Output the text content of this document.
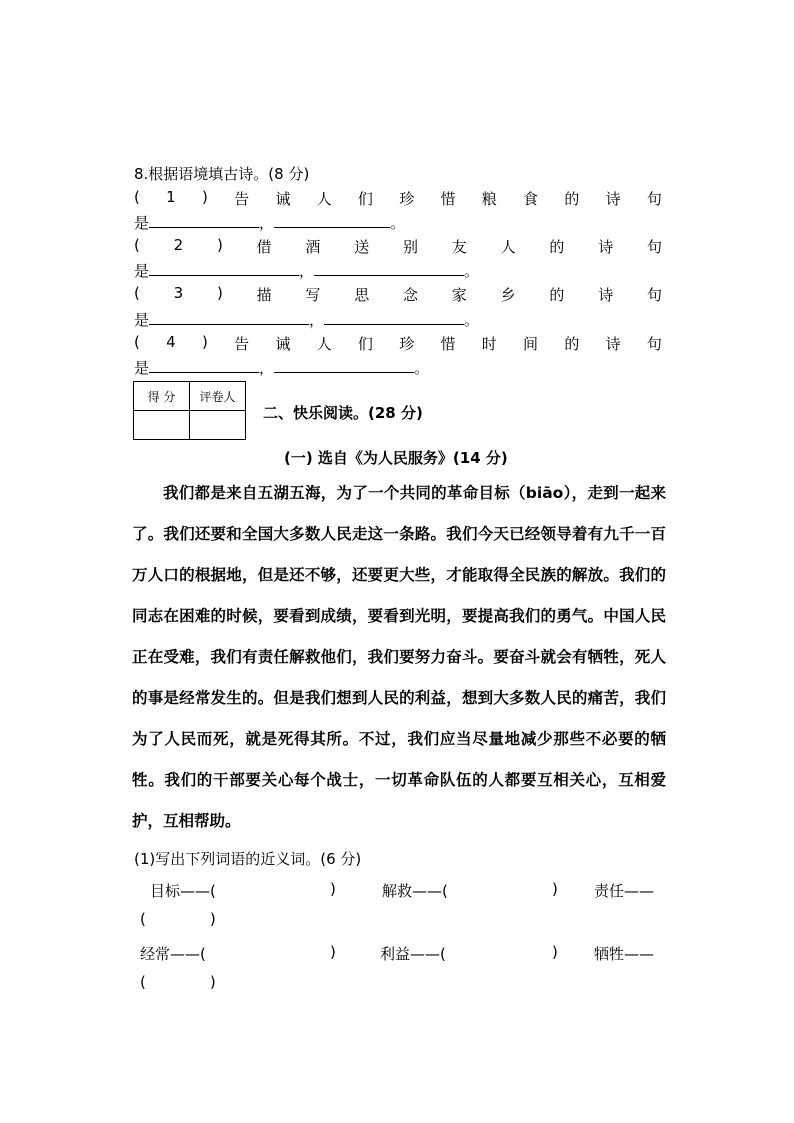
8.根据语境填古诗。(8 分)
( 1 ) 告 诫 人 们 珍 惜 粮 食 的 诗 句
是	，	。
( 2 ) 借 酒 送 别 友 人 的 诗 句
是	，	。
( 3 ) 描 写 思 念 家 乡 的 诗 句
是	，	。
( 4 ) 告 诫 人 们 珍 惜 时 间 的 诗 句
是	，	。
得 分	评卷人

二、快乐阅读。(28 分)
(一) 选自《为人民服务》(14 分)

我们都是来自五湖五海，为了一个共同的革命目标（biāo），走到一起来了。我们还要和全国大多数人民走这一条路。我们今天已经领导着有九千一百万人口的根据地，但是还不够，还要更大些，才能取得全民族的解放。我们的同志在困难的时候，要看到成绩，要看到光明，要提高我们的勇气。中国人民正在受难，我们有责任解救他们，我们要努力奋斗。要奋斗就会有牺牲，死人的事是经常发生的。但是我们想到人民的利益，想到大多数人民的痛苦，我们为了人民而死，就是死得其所。不过，我们应当尽量地减少那些不必要的牺牲。我们的干部要关心每个战士，一切革命队伍的人都要互相关心，互相爱护，互相帮助。

(1)写出下列词语的近义词。(6 分)
目标——(	)	解救——(	) 责任——
(	)
经常——(	)	利益——(	) 牺牲——
(	)
